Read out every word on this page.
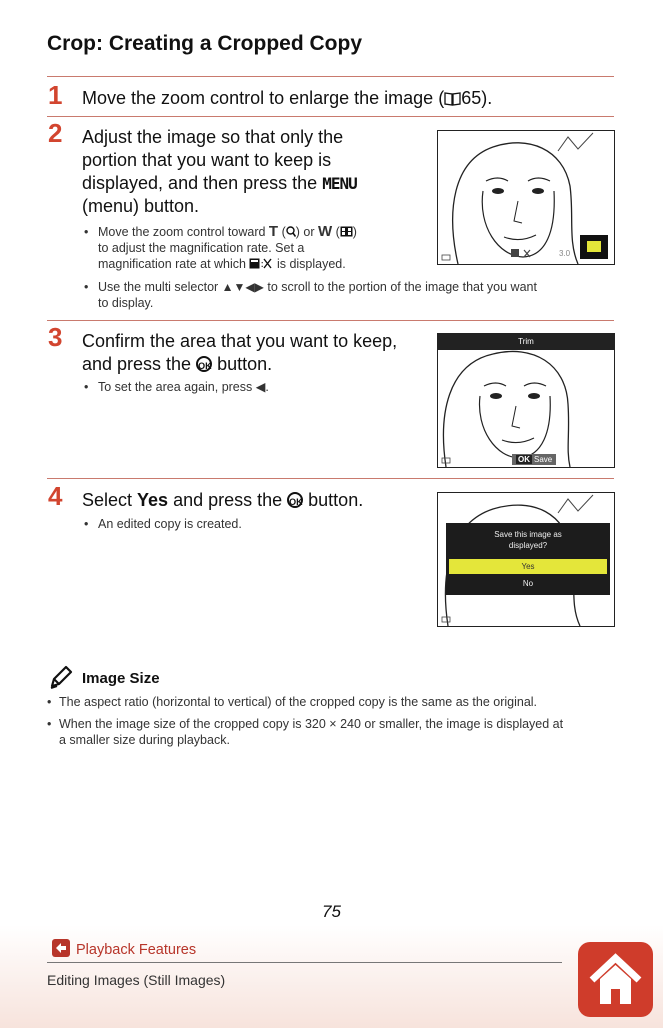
Crop: Creating a Cropped Copy
1 Move the zoom control to enlarge the image ( 65).
2 Adjust the image so that only the
portion that you want to keep is
displayed, and then press the MENU
(menu) button.
• Move the zoom control toward T ( ) or W ( )
to adjust the magnification rate. Set a
magnification rate at which : is displayed.
• Use the multi selector ▲▼◀▶ to scroll to the portion of the image that you want
to display.
3.0
3 Confirm the area that you want to keep,
and press the OK button.
• To set the area again, press ◀.
Trim
OK Save
4 Select Yes and press the OK button.
• An edited copy is created.
Save this image as
displayed?
Yes
No
Image Size
• The aspect ratio (horizontal to vertical) of the cropped copy is the same as the original.
• When the image size of the cropped copy is 320 × 240 or smaller, the image is displayed at
a smaller size during playback.
75
Playback Features
Editing Images (Still Images)
